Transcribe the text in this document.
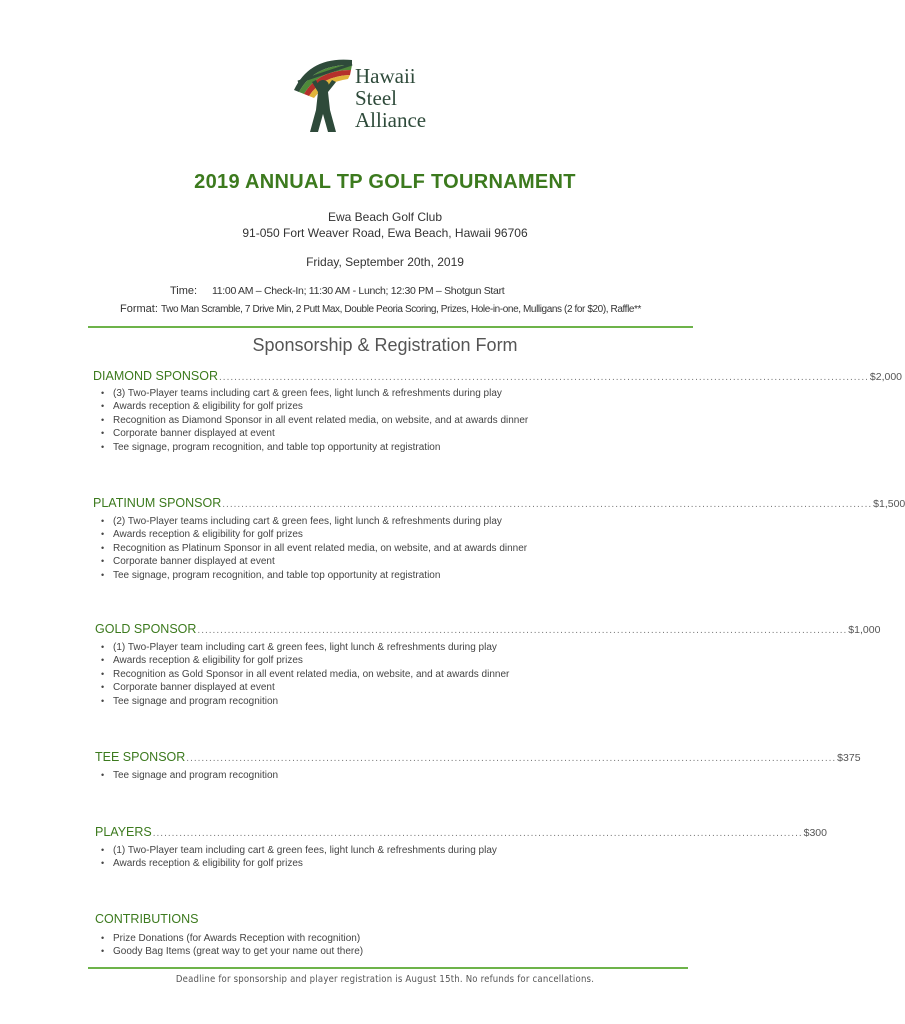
Hawaii
Steel
Alliance
2019 ANNUAL TP GOLF TOURNAMENT
Ewa Beach Golf Club
91-050 Fort Weaver Road, Ewa Beach, Hawaii 96706
Friday, September 20th, 2019
Time: 11:00 AM – Check-In; 11:30 AM - Lunch; 12:30 PM – Shotgun Start
Format: Two Man Scramble, 7 Drive Min, 2 Putt Max, Double Peoria Scoring, Prizes, Hole-in-one, Mulligans (2 for $20), Raffle**
Sponsorship & Registration Form
DIAMOND SPONSOR ............................................................................................................................................................................ $2,000
• (3) Two-Player teams including cart & green fees, light lunch & refreshments during play
• Awards reception & eligibility for golf prizes
• Recognition as Diamond Sponsor in all event related media, on website, and at awards dinner
• Corporate banner displayed at event
• Tee signage, program recognition, and table top opportunity at registration
PLATINUM SPONSOR ............................................................................................................................................................................ $1,500
• (2) Two-Player teams including cart & green fees, light lunch & refreshments during play
• Awards reception & eligibility for golf prizes
• Recognition as Platinum Sponsor in all event related media, on website, and at awards dinner
• Corporate banner displayed at event
• Tee signage, program recognition, and table top opportunity at registration
GOLD SPONSOR ............................................................................................................................................................................ $1,000
• (1) Two-Player team including cart & green fees, light lunch & refreshments during play
• Awards reception & eligibility for golf prizes
• Recognition as Gold Sponsor in all event related media, on website, and at awards dinner
• Corporate banner displayed at event
• Tee signage and program recognition
TEE SPONSOR ............................................................................................................................................................................ $375
• Tee signage and program recognition
PLAYERS ............................................................................................................................................................................ $300
• (1) Two-Player team including cart & green fees, light lunch & refreshments during play
• Awards reception & eligibility for golf prizes
CONTRIBUTIONS
• Prize Donations (for Awards Reception with recognition)
• Goody Bag Items (great way to get your name out there)
Deadline for sponsorship and player registration is August 15th. No refunds for cancellations.
